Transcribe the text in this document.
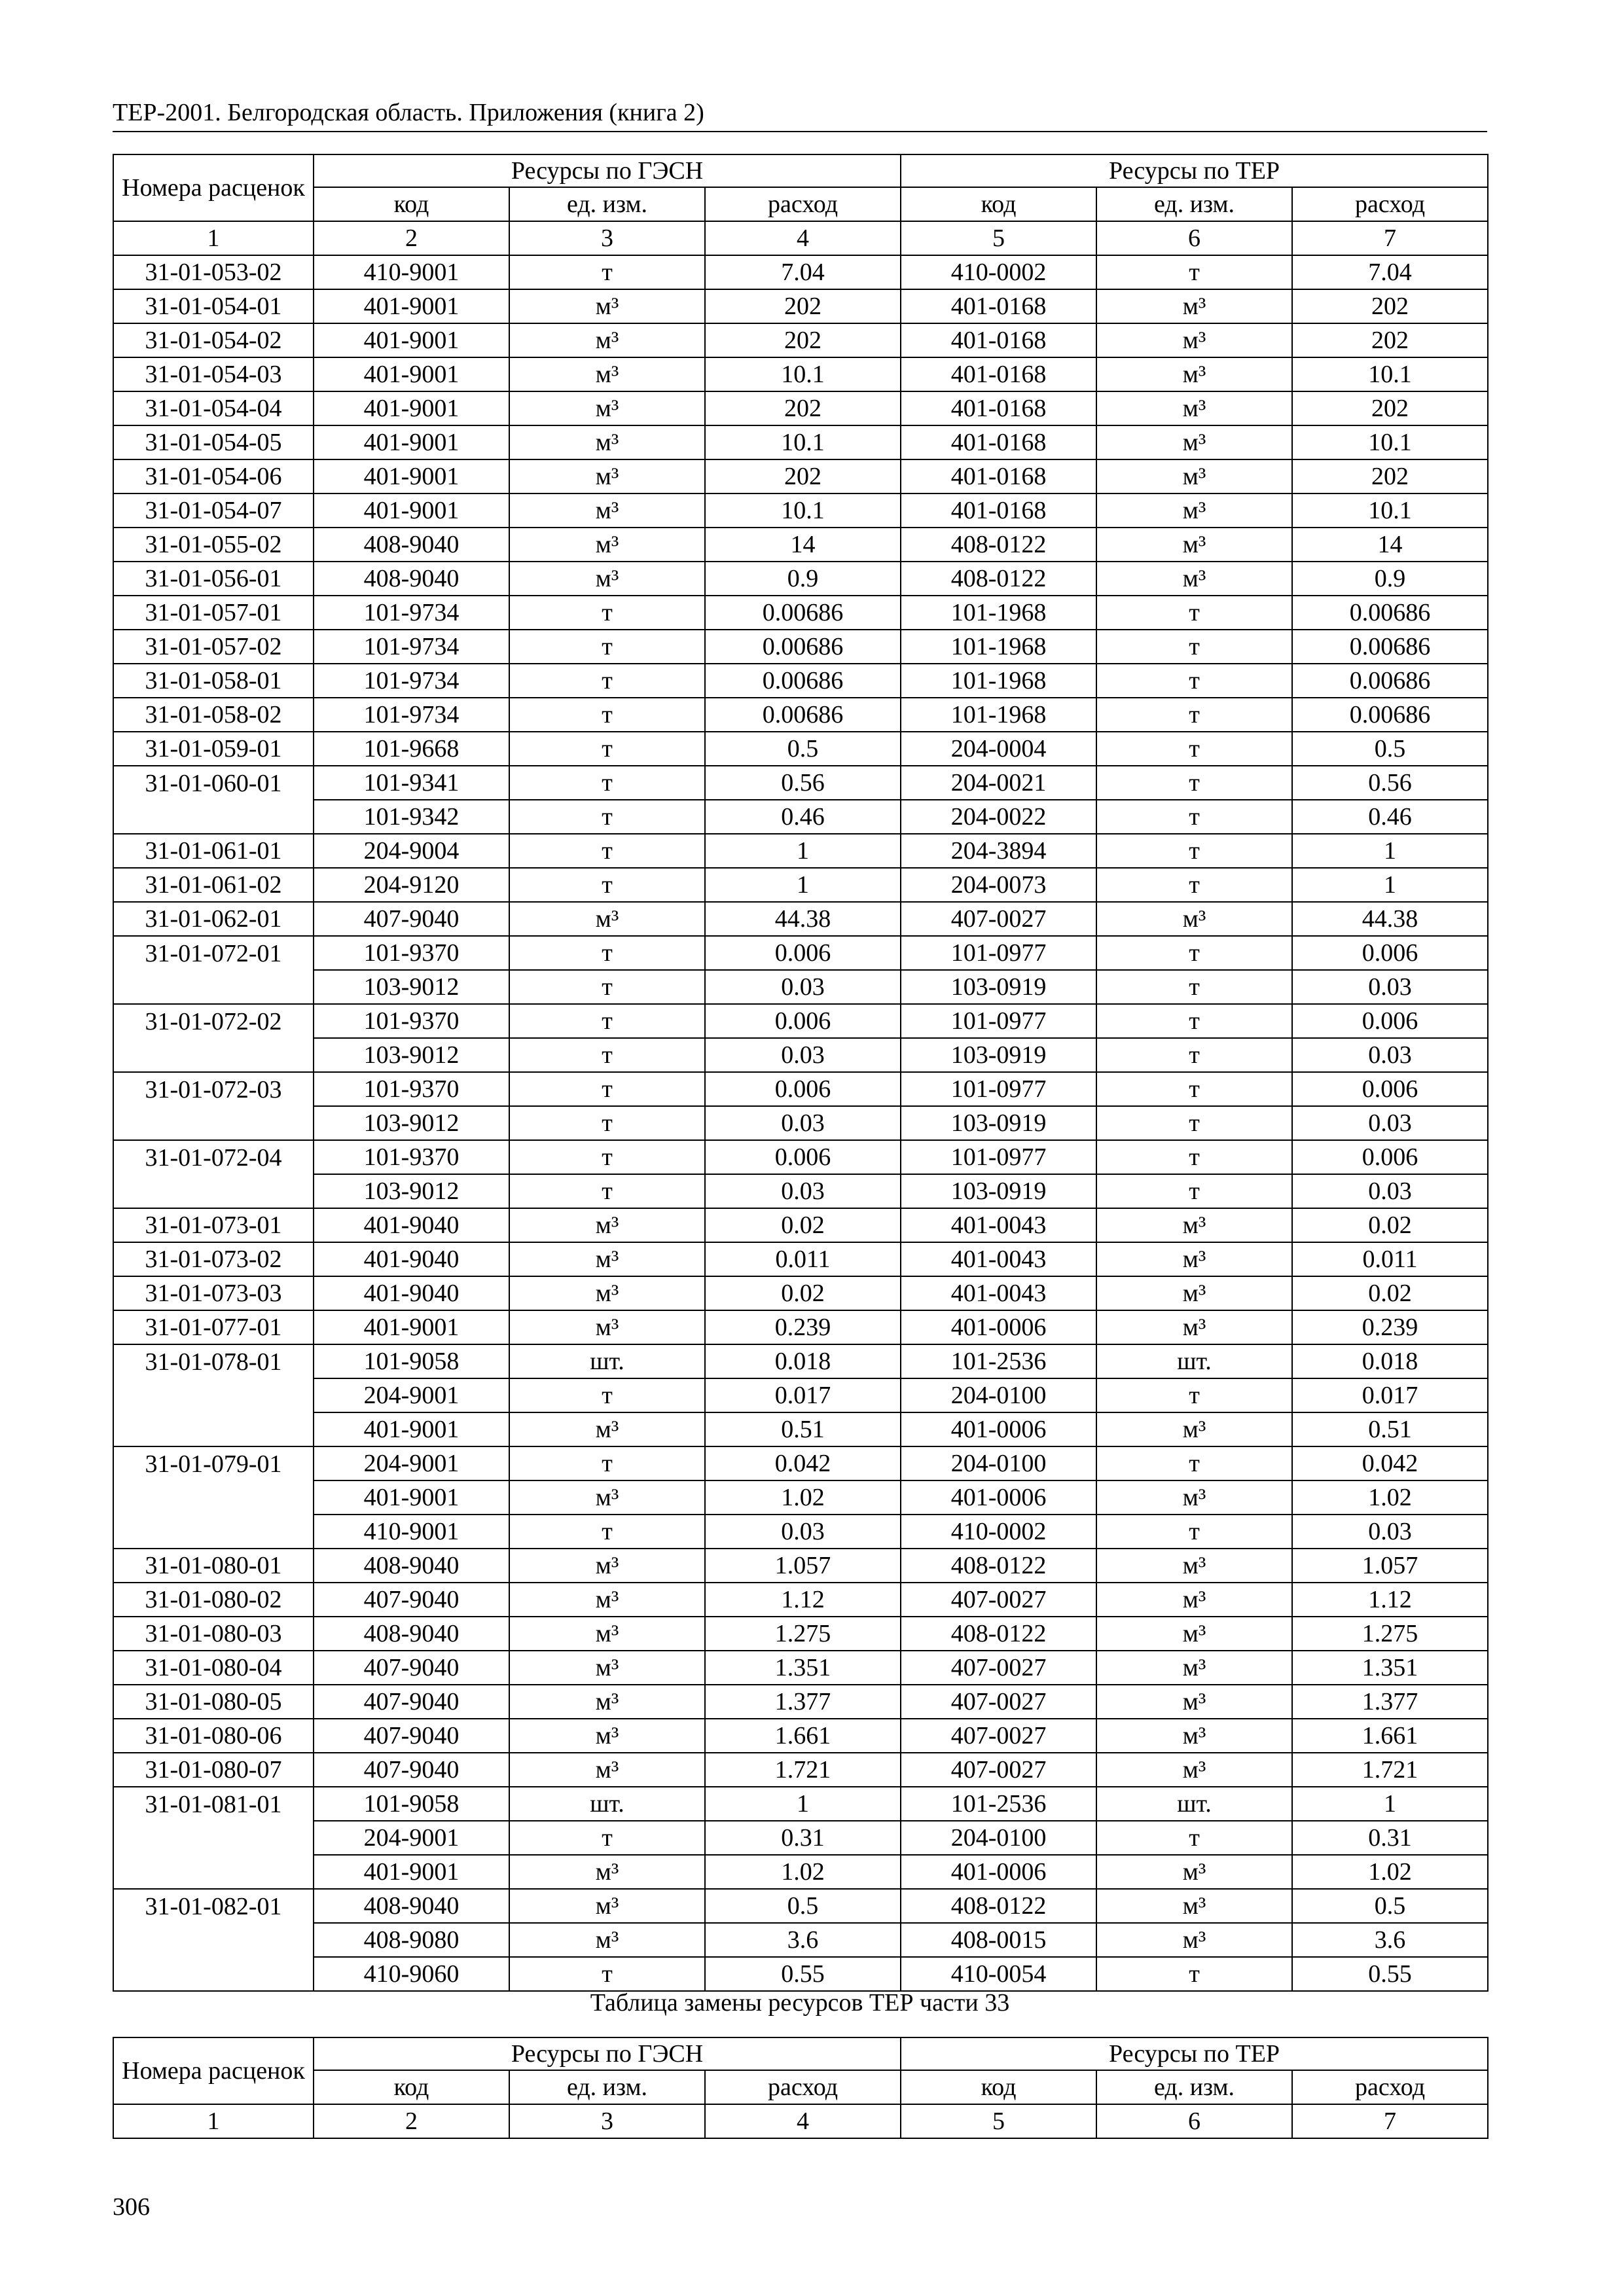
ТЕР-2001. Белгородская область. Приложения (книга 2)
Номера расценок	Ресурсы по ГЭСН			Ресурсы по ТЕР		
	код	ед. изм.	расход	код	ед. изм.	расход
1	2	3	4	5	6	7
31-01-053-02	410-9001	т	7.04	410-0002	т	7.04
31-01-054-01	401-9001	м³	202	401-0168	м³	202
31-01-054-02	401-9001	м³	202	401-0168	м³	202
31-01-054-03	401-9001	м³	10.1	401-0168	м³	10.1
31-01-054-04	401-9001	м³	202	401-0168	м³	202
31-01-054-05	401-9001	м³	10.1	401-0168	м³	10.1
31-01-054-06	401-9001	м³	202	401-0168	м³	202
31-01-054-07	401-9001	м³	10.1	401-0168	м³	10.1
31-01-055-02	408-9040	м³	14	408-0122	м³	14
31-01-056-01	408-9040	м³	0.9	408-0122	м³	0.9
31-01-057-01	101-9734	т	0.00686	101-1968	т	0.00686
31-01-057-02	101-9734	т	0.00686	101-1968	т	0.00686
31-01-058-01	101-9734	т	0.00686	101-1968	т	0.00686
31-01-058-02	101-9734	т	0.00686	101-1968	т	0.00686
31-01-059-01	101-9668	т	0.5	204-0004	т	0.5
31-01-060-01	101-9341	т	0.56	204-0021	т	0.56
	101-9342	т	0.46	204-0022	т	0.46
31-01-061-01	204-9004	т	1	204-3894	т	1
31-01-061-02	204-9120	т	1	204-0073	т	1
31-01-062-01	407-9040	м³	44.38	407-0027	м³	44.38
31-01-072-01	101-9370	т	0.006	101-0977	т	0.006
	103-9012	т	0.03	103-0919	т	0.03
31-01-072-02	101-9370	т	0.006	101-0977	т	0.006
	103-9012	т	0.03	103-0919	т	0.03
31-01-072-03	101-9370	т	0.006	101-0977	т	0.006
	103-9012	т	0.03	103-0919	т	0.03
31-01-072-04	101-9370	т	0.006	101-0977	т	0.006
	103-9012	т	0.03	103-0919	т	0.03
31-01-073-01	401-9040	м³	0.02	401-0043	м³	0.02
31-01-073-02	401-9040	м³	0.011	401-0043	м³	0.011
31-01-073-03	401-9040	м³	0.02	401-0043	м³	0.02
31-01-077-01	401-9001	м³	0.239	401-0006	м³	0.239
31-01-078-01	101-9058	шт.	0.018	101-2536	шт.	0.018
	204-9001	т	0.017	204-0100	т	0.017
	401-9001	м³	0.51	401-0006	м³	0.51
31-01-079-01	204-9001	т	0.042	204-0100	т	0.042
	401-9001	м³	1.02	401-0006	м³	1.02
	410-9001	т	0.03	410-0002	т	0.03
31-01-080-01	408-9040	м³	1.057	408-0122	м³	1.057
31-01-080-02	407-9040	м³	1.12	407-0027	м³	1.12
31-01-080-03	408-9040	м³	1.275	408-0122	м³	1.275
31-01-080-04	407-9040	м³	1.351	407-0027	м³	1.351
31-01-080-05	407-9040	м³	1.377	407-0027	м³	1.377
31-01-080-06	407-9040	м³	1.661	407-0027	м³	1.661
31-01-080-07	407-9040	м³	1.721	407-0027	м³	1.721
31-01-081-01	101-9058	шт.	1	101-2536	шт.	1
	204-9001	т	0.31	204-0100	т	0.31
	401-9001	м³	1.02	401-0006	м³	1.02
31-01-082-01	408-9040	м³	0.5	408-0122	м³	0.5
	408-9080	м³	3.6	408-0015	м³	3.6
	410-9060	т	0.55	410-0054	т	0.55
Таблица замены ресурсов ТЕР части 33
Номера расценок	Ресурсы по ГЭСН			Ресурсы по ТЕР		
	код	ед. изм.	расход	код	ед. изм.	расход
1	2	3	4	5	6	7
306
